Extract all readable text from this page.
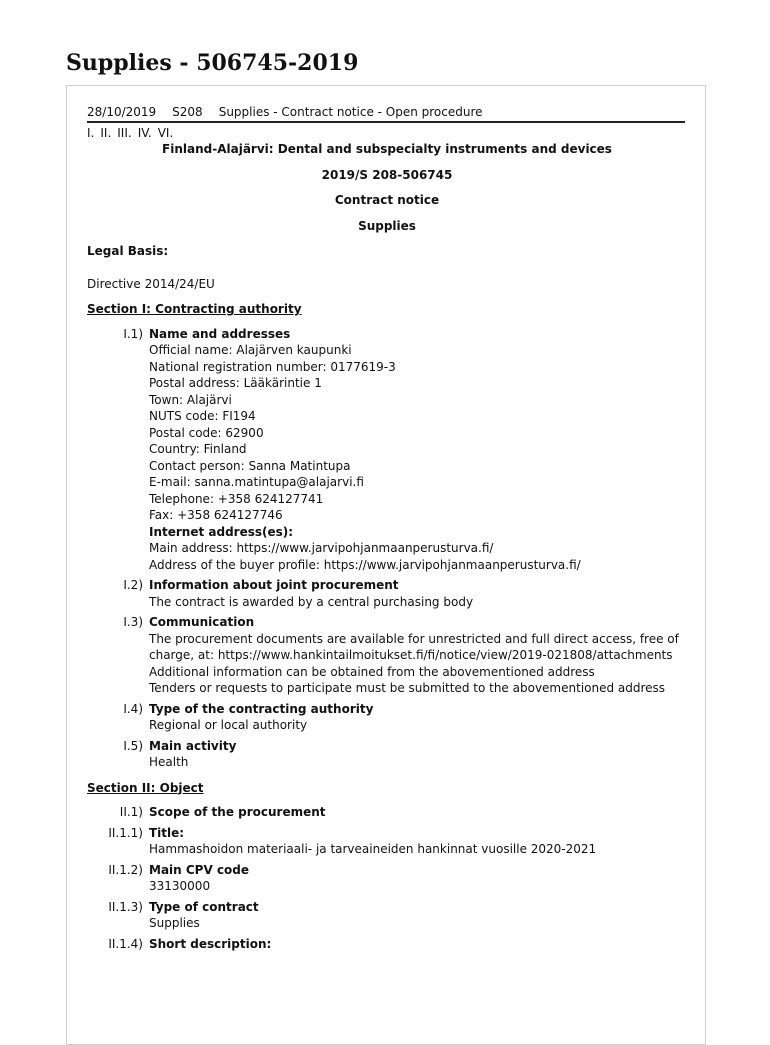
Supplies - 506745-2019
28/10/2019 S208 Supplies - Contract notice - Open procedure
I. II. III. IV. VI.
Finland-Alajärvi: Dental and subspecialty instruments and devices
2019/S 208-506745
Contract notice
Supplies
Legal Basis:
Directive 2014/24/EU
Section I: Contracting authority
I.1) Name and addresses
Official name: Alajärven kaupunki
National registration number: 0177619-3
Postal address: Lääkärintie 1
Town: Alajärvi
NUTS code: FI194
Postal code: 62900
Country: Finland
Contact person: Sanna Matintupa
E-mail: sanna.matintupa@alajarvi.fi
Telephone: +358 624127741
Fax: +358 624127746
Internet address(es):
Main address: https://www.jarvipohjanmaanperusturva.fi/
Address of the buyer profile: https://www.jarvipohjanmaanperusturva.fi/
I.2) Information about joint procurement
The contract is awarded by a central purchasing body
I.3) Communication
The procurement documents are available for unrestricted and full direct access, free of charge, at: https://www.hankintailmoitukset.fi/fi/notice/view/2019-021808/attachments
Additional information can be obtained from the abovementioned address
Tenders or requests to participate must be submitted to the abovementioned address
I.4) Type of the contracting authority
Regional or local authority
I.5) Main activity
Health
Section II: Object
II.1) Scope of the procurement
II.1.1) Title:
Hammashoidon materiaali- ja tarveaineiden hankinnat vuosille 2020-2021
II.1.2) Main CPV code
33130000
II.1.3) Type of contract
Supplies
II.1.4) Short description:
